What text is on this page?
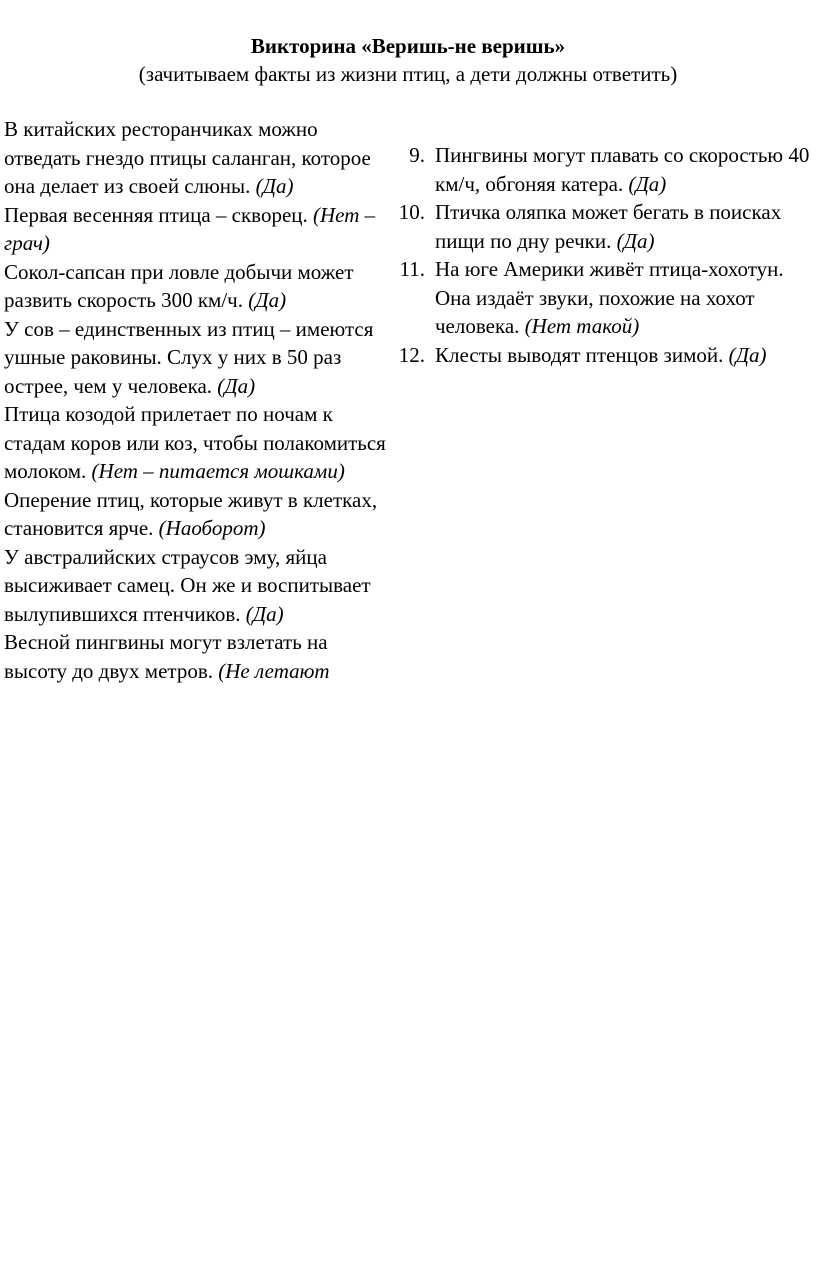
Викторина «Веришь-не веришь»
(зачитываем факты из жизни птиц, а дети должны ответить)

В китайских ресторанчиках можно отведать гнездо птицы саланган, которое она делает из своей слюны. (Да)

Первая весенняя птица – скворец. (Нет – грач)

Сокол-сапсан при ловле добычи может развить скорость 300 км/ч. (Да)

У сов – единственных из птиц – имеются ушные раковины. Слух у них в 50 раз острее, чем у человека. (Да)

Птица козодой прилетает по ночам к стадам коров или коз, чтобы полакомиться молоком. (Нет – питается мошками)

Оперение птиц, которые живут в клетках, становится ярче. (Наоборот)

У австралийских страусов эму, яйца высиживает самец. Он же и воспитывает вылупившихся птенчиков. (Да)

Весной пингвины могут взлетать на высоту до двух метров. (Не летают

9. Пингвины могут плавать со скоростью 40 км/ч, обгоняя катера. (Да)

10. Птичка оляпка может бегать в поисках пищи по дну речки. (Да)

11. На юге Америки живёт птица-хохотун. Она издаёт звуки, похожие на хохот человека. (Нет такой)

12. Клесты выводят птенцов зимой. (Да)
